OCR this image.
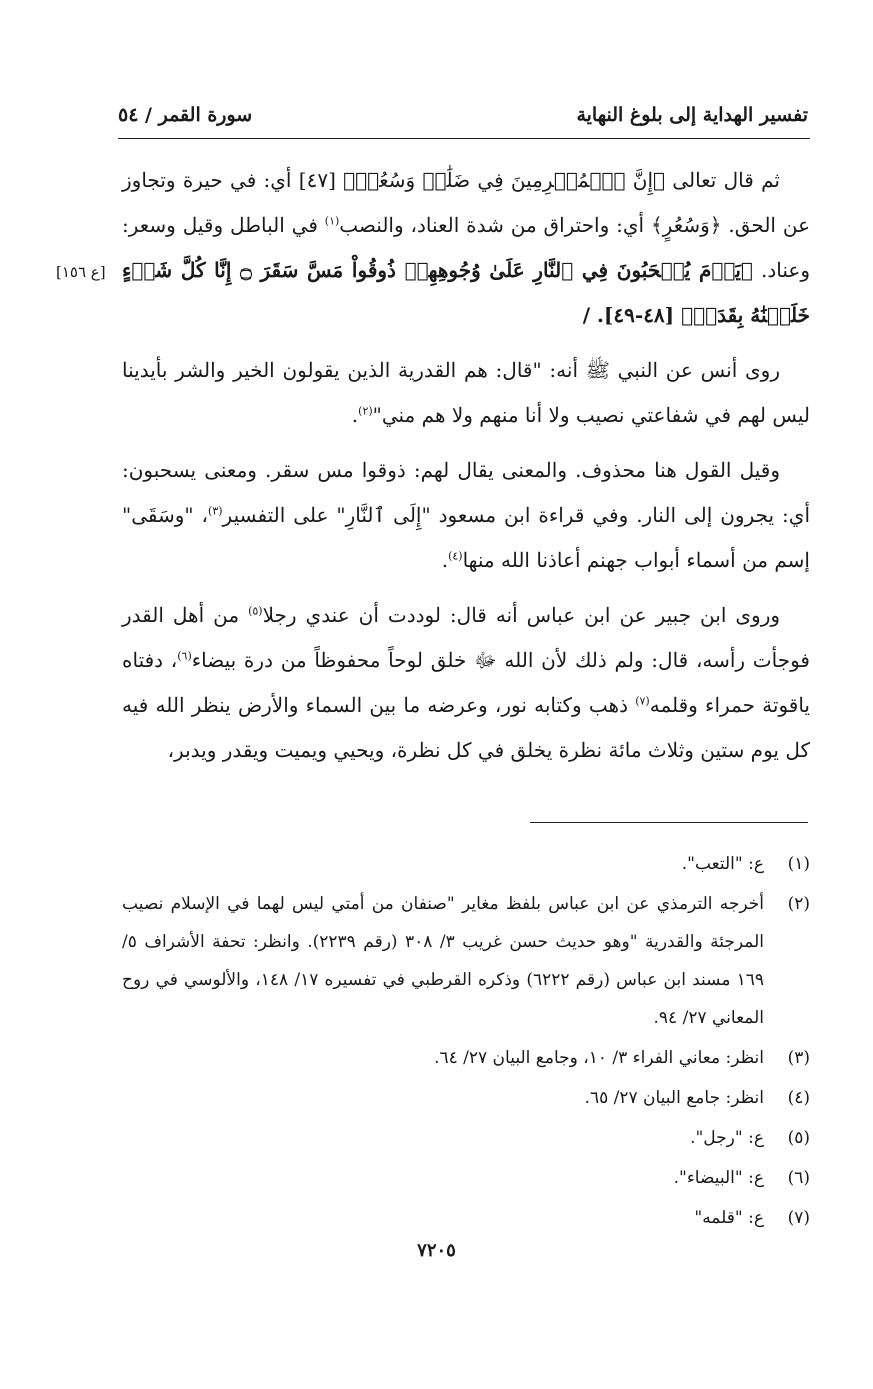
تفسير الهداية إلى بلوغ النهاية
سورة القمر / ٥٤
[ع ١٥٦]

ثم قال تعالى ﴿إِنَّ ٱلۡمُجۡرِمِينَ فِي ضَلَٰلٖ وَسُعُرٖ﴾ [٤٧] أي: في حيرة وتجاوز عن الحق. ﴿وَسُعُرٍ﴾ أي: واحتراق من شدة العناد، والنصب$^{(١)}$ في الباطل وقيل وسعر: وعناد. ﴿يَوۡمَ يُسۡحَبُونَ فِي ٱلنَّارِ عَلَىٰ وُجُوهِهِمۡ ذُوقُواْ مَسَّ سَقَرَ ۝ إِنَّا كُلَّ شَيۡءٍ خَلَقۡنَٰهُ بِقَدَرٖ﴾ [٤٨-٤٩]. /

روى أنس عن النبي ﷺ أنه: "قال: هم القدرية الذين يقولون الخير والشر بأيدينا ليس لهم في شفاعتي نصيب ولا أنا منهم ولا هم مني"$^{(٢)}$.

وقيل القول هنا محذوف. والمعنى يقال لهم: ذوقوا مس سقر. ومعنى يسحبون: أي: يجرون إلى النار. وفي قراءة ابن مسعود "إِلَى ٱلنَّارِ" على التفسير$^{(٣)}$، "وسَقَى" إسم من أسماء أبواب جهنم أعاذنا الله منها$^{(٤)}$.

وروى ابن جبير عن ابن عباس أنه قال: لوددت أن عندي رجلا$^{(٥)}$ من أهل القدر فوجأت رأسه، قال: ولم ذلك لأن الله ﷻ خلق لوحاً محفوظاً من درة بيضاء$^{(٦)}$، دفتاه ياقوتة حمراء وقلمه$^{(٧)}$ ذهب وكتابه نور، وعرضه ما بين السماء والأرض ينظر الله فيه كل يوم ستين وثلاث مائة نظرة يخلق في كل نظرة، ويحيي ويميت ويقدر ويدبر،

(١)
ع: "التعب".
(٢)
أخرجه الترمذي عن ابن عباس بلفظ مغاير "صنفان من أمتي ليس لهما في الإسلام نصيب المرجئة والقدرية "وهو حديث حسن غريب ٣/ ٣٠٨ (رقم ٢٢٣٩). وانظر: تحفة الأشراف ٥/ ١٦٩ مسند ابن عباس (رقم ٦٢٢٢) وذكره القرطبي في تفسيره ١٧/ ١٤٨، والألوسي في روح المعاني ٢٧/ ٩٤.
(٣)
انظر: معاني الفراء ٣/ ١٠، وجامع البيان ٢٧/ ٦٤.
(٤)
انظر: جامع البيان ٢٧/ ٦٥.
(٥)
ع: "رجل".
(٦)
ع: "البيضاء".
(٧)
ع: "قلمه"
٧٢٠٥
